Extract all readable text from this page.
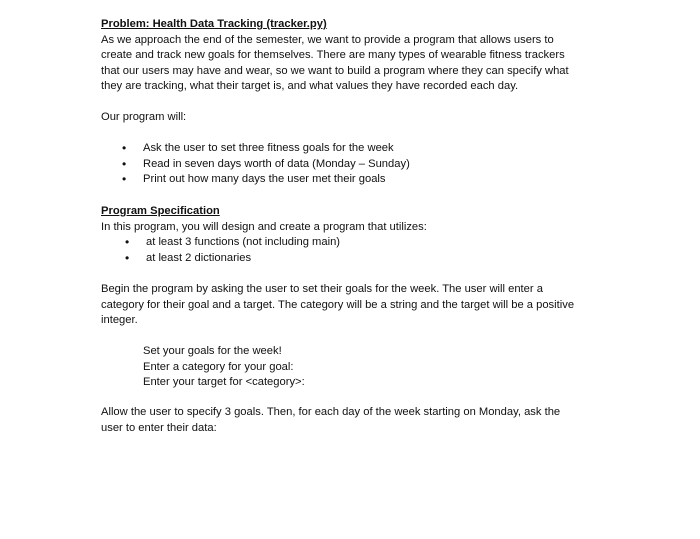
Problem: Health Data Tracking (tracker.py)

As we approach the end of the semester, we want to provide a program that allows users to

create and track new goals for themselves. There are many types of wearable fitness trackers

that our users may have and wear, so we want to build a program where they can specify what

they are tracking, what their target is, and what values they have recorded each day.

Our program will:

• Ask the user to set three fitness goals for the week
• Read in seven days worth of data (Monday – Sunday)
• Print out how many days the user met their goals
Program Specification

In this program, you will design and create a program that utilizes:

• at least 3 functions (not including main)
• at least 2 dictionaries

Begin the program by asking the user to set their goals for the week. The user will enter a

category for their goal and a target. The category will be a string and the target will be a positive

integer.

Set your goals for the week!

Enter a category for your goal:

Enter your target for <category>:

Allow the user to specify 3 goals. Then, for each day of the week starting on Monday, ask the

user to enter their data:
